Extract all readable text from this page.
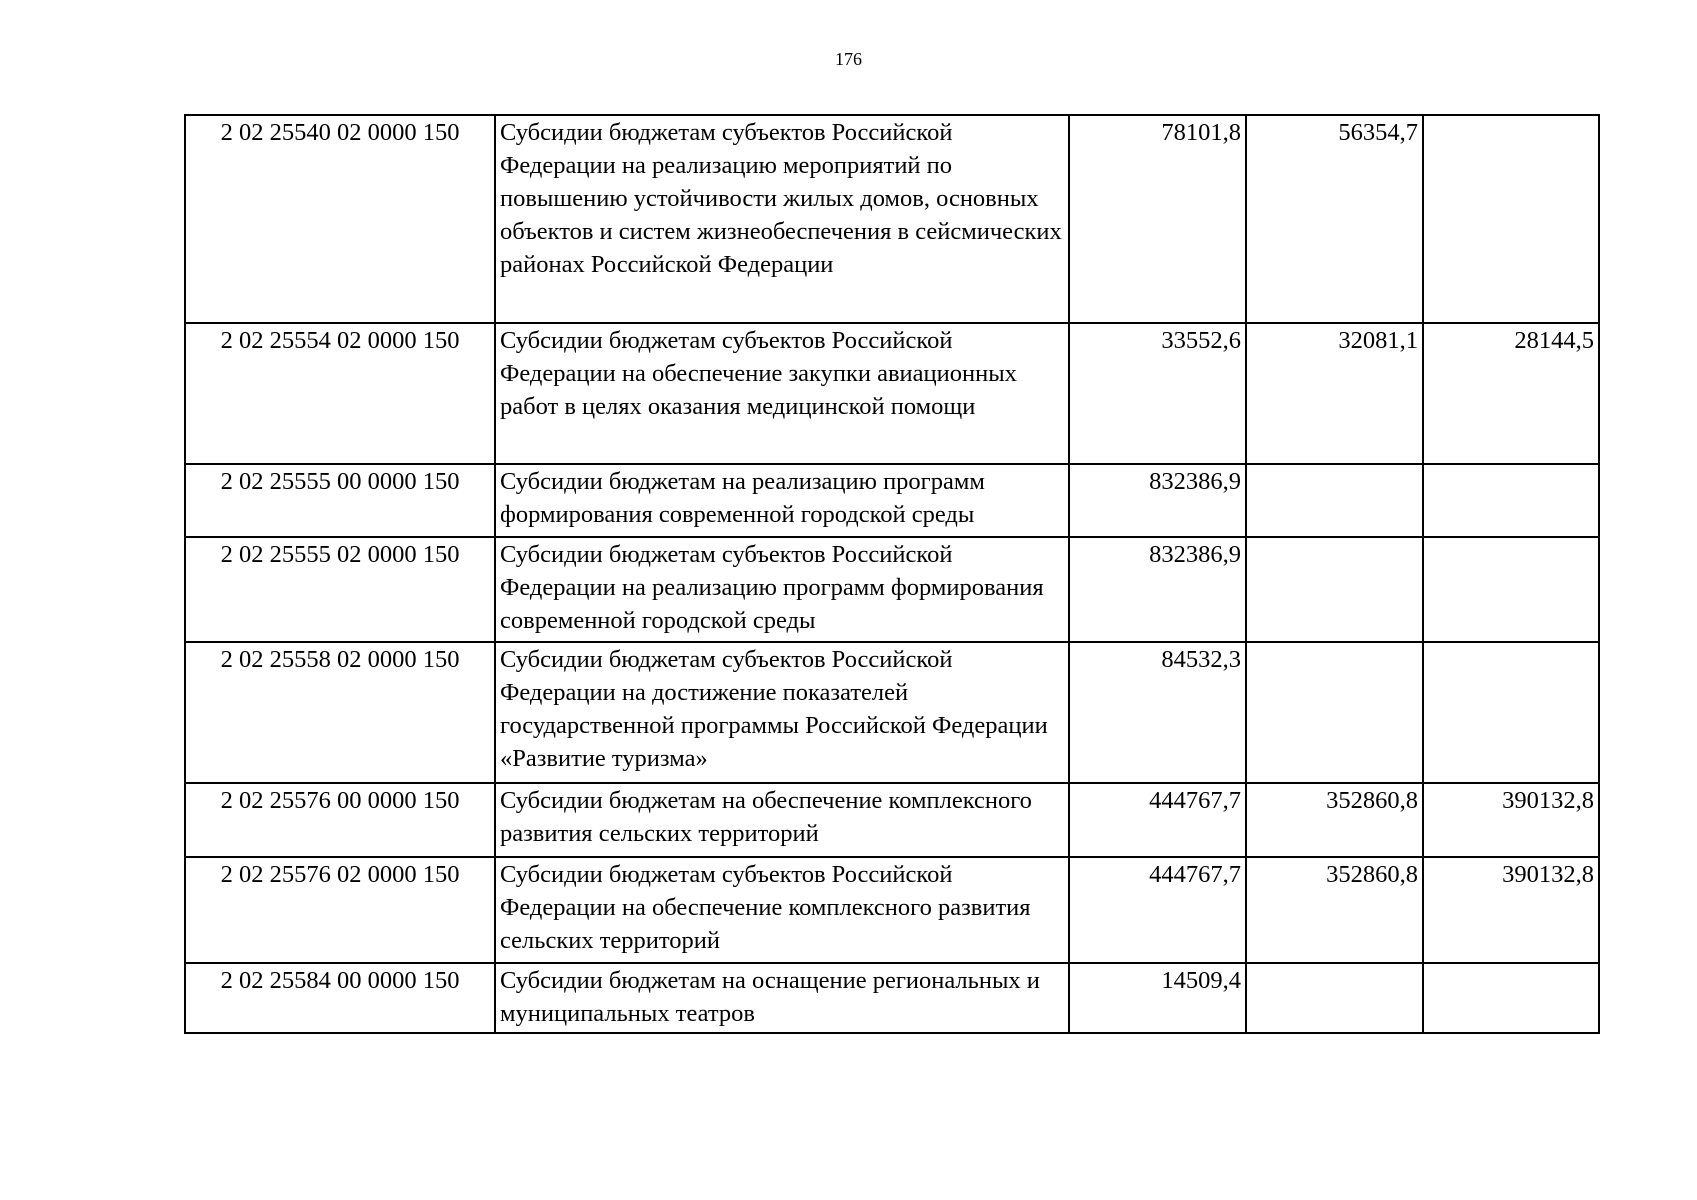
176
2 02 25540 02 0000 150	Субсидии бюджетам субъектов Российской Федерации на реализацию мероприятий по повышению устойчивости жилых домов, основных объектов и систем жизнеобеспечения в сейсмических районах Российской Федерации	78101,8	56354,7	
2 02 25554 02 0000 150	Субсидии бюджетам субъектов Российской Федерации на обеспечение закупки авиационных работ в целях оказания медицинской помощи	33552,6	32081,1	28144,5
2 02 25555 00 0000 150	Субсидии бюджетам на реализацию программ формирования современной городской среды	832386,9		
2 02 25555 02 0000 150	Субсидии бюджетам субъектов Российской Федерации на реализацию программ формирования современной городской среды	832386,9		
2 02 25558 02 0000 150	Субсидии бюджетам субъектов Российской Федерации на достижение показателей государственной программы Российской Федерации «Развитие туризма»	84532,3		
2 02 25576 00 0000 150	Субсидии бюджетам на обеспечение комплексного развития сельских территорий	444767,7	352860,8	390132,8
2 02 25576 02 0000 150	Субсидии бюджетам субъектов Российской Федерации на обеспечение комплексного развития сельских территорий	444767,7	352860,8	390132,8
2 02 25584 00 0000 150	Субсидии бюджетам на оснащение региональных и муниципальных театров	14509,4		
